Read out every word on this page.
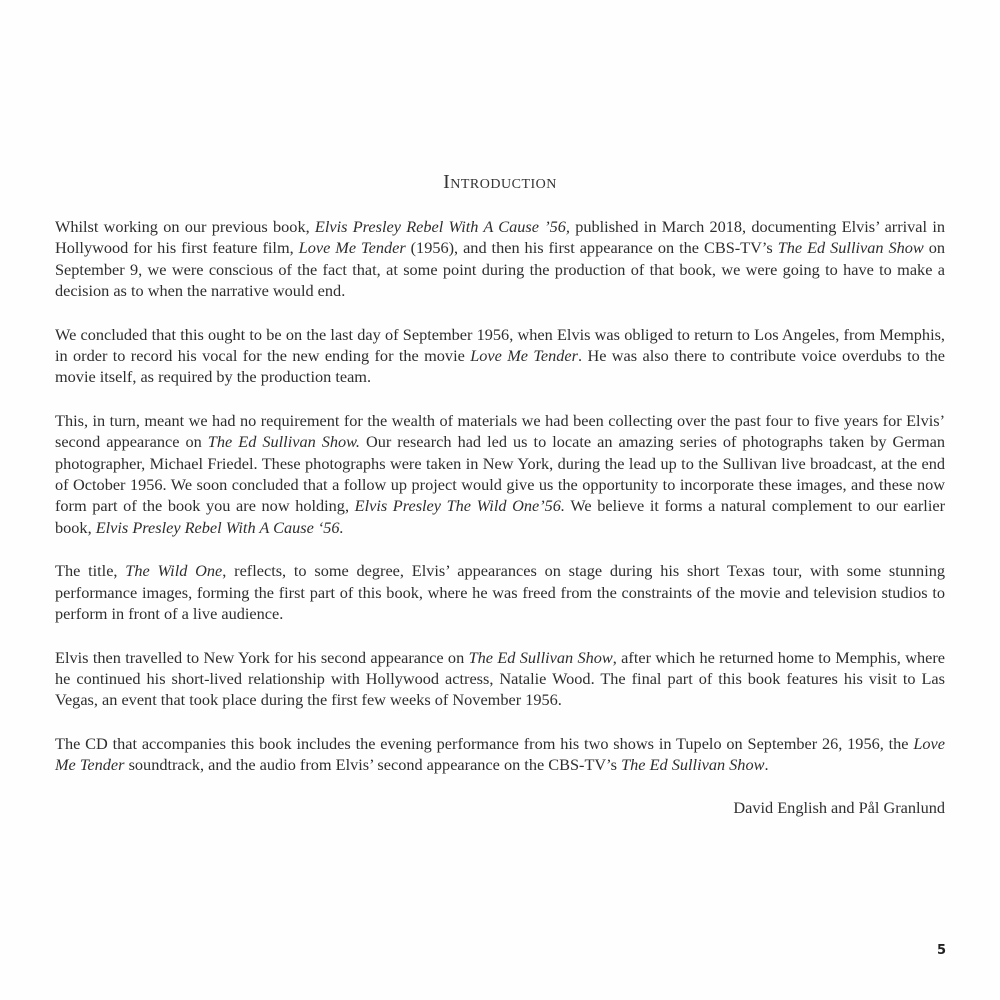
Introduction

Whilst working on our previous book, Elvis Presley Rebel With A Cause ’56, published in March 2018, documenting Elvis’ arrival in Hollywood for his first feature film, Love Me Tender (1956), and then his first appearance on the CBS-TV’s The Ed Sullivan Show on September 9, we were conscious of the fact that, at some point during the production of that book, we were going to have to make a decision as to when the narrative would end.

We concluded that this ought to be on the last day of September 1956, when Elvis was obliged to return to Los Angeles, from Memphis, in order to record his vocal for the new ending for the movie Love Me Tender. He was also there to contribute voice overdubs to the movie itself, as required by the production team.

This, in turn, meant we had no requirement for the wealth of materials we had been collecting over the past four to five years for Elvis’ second appearance on The Ed Sullivan Show. Our research had led us to locate an amazing series of photographs taken by German photographer, Michael Friedel. These photographs were taken in New York, during the lead up to the Sullivan live broadcast, at the end of October 1956. We soon concluded that a follow up project would give us the opportunity to incorporate these images, and these now form part of the book you are now holding, Elvis Presley The Wild One’56. We believe it forms a natural complement to our earlier book, Elvis Presley Rebel With A Cause ‘56.

The title, The Wild One, reflects, to some degree, Elvis’ appearances on stage during his short Texas tour, with some stunning performance images, forming the first part of this book, where he was freed from the constraints of the movie and television studios to perform in front of a live audience.

Elvis then travelled to New York for his second appearance on The Ed Sullivan Show, after which he returned home to Memphis, where he continued his short-lived relationship with Hollywood actress, Natalie Wood. The final part of this book features his visit to Las Vegas, an event that took place during the first few weeks of November 1956.

The CD that accompanies this book includes the evening performance from his two shows in Tupelo on September 26, 1956, the Love Me Tender soundtrack, and the audio from Elvis’ second appearance on the CBS-TV’s The Ed Sullivan Show.

David English and Pål Granlund
5
